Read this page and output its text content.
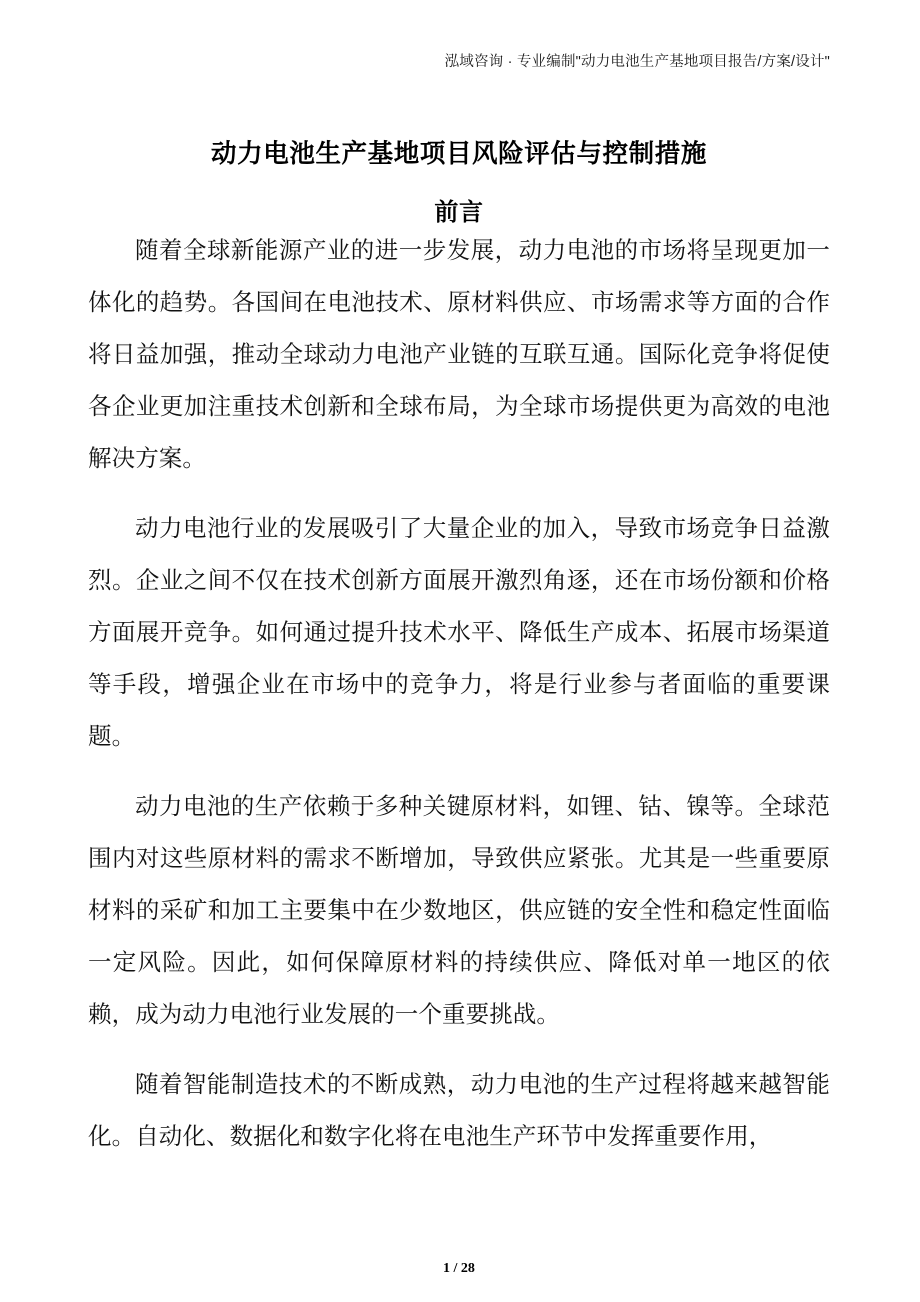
泓域咨询 · 专业编制"动力电池生产基地项目报告/方案/设计"
动力电池生产基地项目风险评估与控制措施
前言

随着全球新能源产业的进一步发展，动力电池的市场将呈现更加一体化的趋势。各国间在电池技术、原材料供应、市场需求等方面的合作将日益加强，推动全球动力电池产业链的互联互通。国际化竞争将促使各企业更加注重技术创新和全球布局，为全球市场提供更为高效的电池解决方案。

动力电池行业的发展吸引了大量企业的加入，导致市场竞争日益激烈。企业之间不仅在技术创新方面展开激烈角逐，还在市场份额和价格方面展开竞争。如何通过提升技术水平、降低生产成本、拓展市场渠道等手段，增强企业在市场中的竞争力，将是行业参与者面临的重要课题。

动力电池的生产依赖于多种关键原材料，如锂、钴、镍等。全球范围内对这些原材料的需求不断增加，导致供应紧张。尤其是一些重要原材料的采矿和加工主要集中在少数地区，供应链的安全性和稳定性面临一定风险。因此，如何保障原材料的持续供应、降低对单一地区的依赖，成为动力电池行业发展的一个重要挑战。

随着智能制造技术的不断成熟，动力电池的生产过程将越来越智能化。自动化、数据化和数字化将在电池生产环节中发挥重要作用，

1 / 28
